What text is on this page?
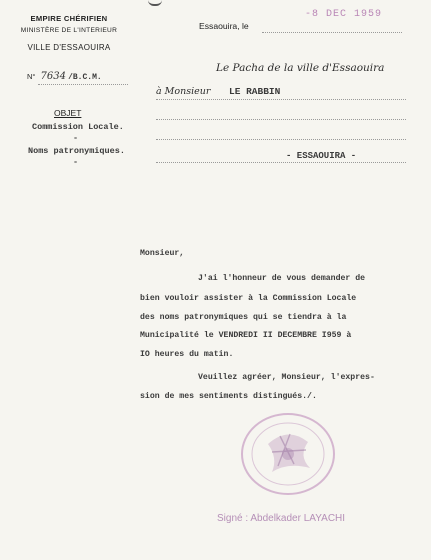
EMPIRE CHÉRIFIEN
MINISTÈRE DE L'INTERIEUR
VILLE D'ESSAOUIRA
N° 7634 /B.C.M.
Essaouira, le
-8 DEC 1959
Le Pacha de la ville d'Essaouira
à Monsieur LE RABBIN
- ESSAOUIRA -
OBJET
Commission Locale.
-
Noms patronymiques.
-
Monsieur,
J'ai l'honneur de vous demander de
bien vouloir assister à la Commission Locale
des noms patronymiques qui se tiendra à la
Municipalité le VENDREDI II DECEMBRE I959 à
IO heures du matin.
Veuillez agréer, Monsieur, l'expres-
sion de mes sentiments distingués./.
Signé : Abdelkader LAYACHI
